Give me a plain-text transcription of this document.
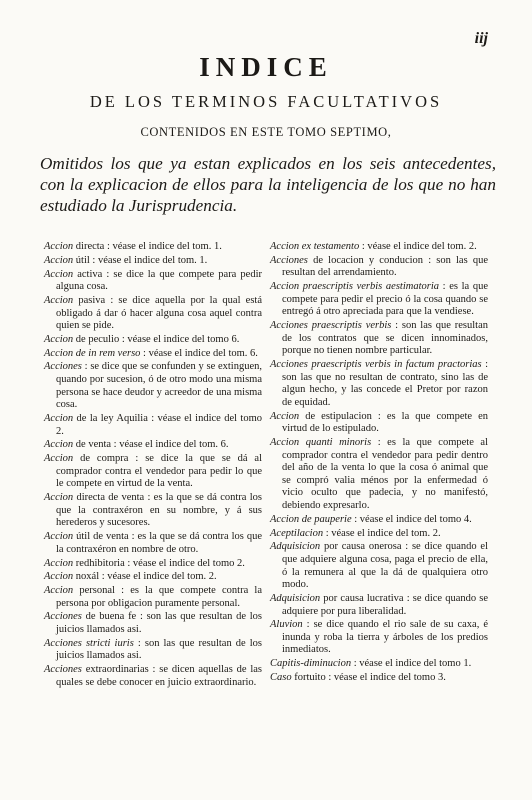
iij
INDICE
DE LOS TERMINOS FACULTATIVOS
CONTENIDOS EN ESTE TOMO SEPTIMO,
Omitidos los que ya estan explicados en los seis antecedentes, con la explicacion de ellos para la inteligencia de los que no han estudiado la Jurisprudencia.
Accion directa : véase el indice del tom. 1.
Accion útil : véase el indice del tom. 1.
Accion activa : se dice la que compete para pedir alguna cosa.
Accion pasiva : se dice aquella por la qual está obligado á dar ó hacer alguna cosa aquel contra quien se pide.
Accion de peculio : véase el indice del tomo 6.
Accion de in rem verso : véase el indice del tom. 6.
Acciones : se dice que se confunden y se extinguen, quando por sucesion, ó de otro modo una misma persona se hace deudor y acreedor de una misma cosa.
Accion de la ley Aquilia : véase el indice del tomo 2.
Accion de venta : véase el indice del tom. 6.
Accion de compra : se dice la que se dá al comprador contra el vendedor para pedir lo que le compete en virtud de la venta.
Accion directa de venta : es la que se dá contra los que la contraxéron en su nombre, y á sus herederos y sucesores.
Accion útil de venta : es la que se dá contra los que la contraxéron en nombre de otro.
Accion redhibitoria : véase el indice del tomo 2.
Accion noxál : véase el indice del tom. 2.
Accion personal : es la que compete contra la persona por obligacion puramente personal.
Acciones de buena fe : son las que resultan de los juicios llamados asi.
Acciones stricti iuris : son las que resultan de los juicios llamados asi.
Acciones extraordinarias : se dicen aquellas de las quales se debe conocer en juicio extraordinario.
Accion ex testamento : véase el indice del tom. 2.
Acciones de locacion y conducion : son las que resultan del arrendamiento.
Accion praescriptis verbis aestimatoria : es la que compete para pedir el precio ó la cosa quando se entregó á otro apreciada para que la vendiese.
Acciones praescriptis verbis : son las que resultan de los contratos que se dicen innominados, porque no tienen nombre particular.
Acciones praescriptis verbis in factum practorias : son las que no resultan de contrato, sino las de algun hecho, y las concede el Pretor por razon de equidad.
Accion de estipulacion : es la que compete en virtud de lo estipulado.
Accion quanti minoris : es la que compete al comprador contra el vendedor para pedir dentro del año de la venta lo que la cosa ó animal que se compró valia ménos por la enfermedad ó vicio oculto que padecia, y no manifestó, debiendo expresarlo.
Accion de pauperie : véase el indice del tomo 4.
Aceptilacion : véase el indice del tom. 2.
Adquisicion por causa onerosa : se dice quando el que adquiere alguna cosa, paga el precio de ella, ó la remunera al que la dá de qualquiera otro modo.
Adquisicion por causa lucrativa : se dice quando se adquiere por pura liberalidad.
Aluvion : se dice quando el rio sale de su caxa, é inunda y roba la tierra y árboles de los predios inmediatos.
Capitis-diminucion : véase el indice del tomo 1.
Caso fortuito : véase el indice del tomo 3.
